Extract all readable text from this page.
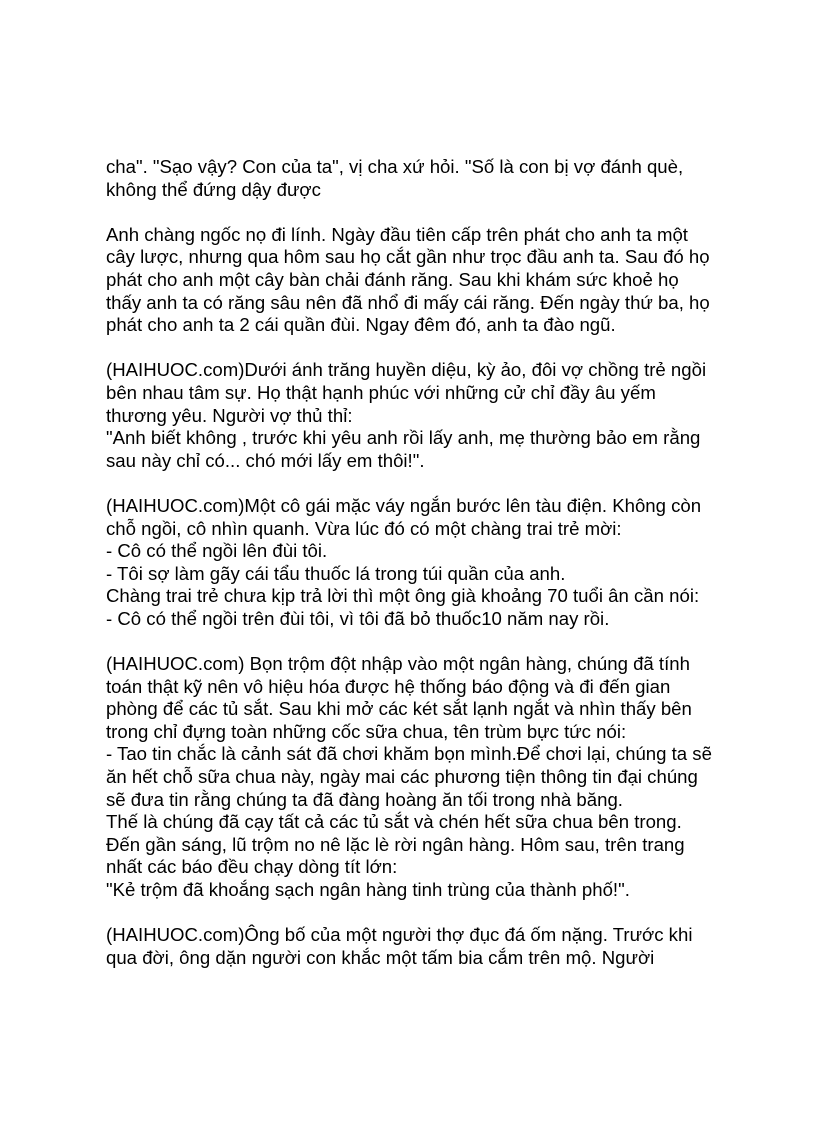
cha". "Sạo vậy? Con của ta", vị cha xứ hỏi. "Số là con bị vợ đánh què,
không thể đứng dậy được

Anh chàng ngốc nọ đi lính. Ngày đầu tiên cấp trên phát cho anh ta một
cây lược, nhưng qua hôm sau họ cắt gần như trọc đầu anh ta. Sau đó họ
phát cho anh một cây bàn chải đánh răng. Sau khi khám sức khoẻ họ
thấy anh ta có răng sâu nên đã nhổ đi mấy cái răng. Đến ngày thứ ba, họ
phát cho anh ta 2 cái quần đùi. Ngay đêm đó, anh ta đào ngũ.

(HAIHUOC.com)Dưới ánh trăng huyền diệu, kỳ ảo, đôi vợ chồng trẻ ngồi
bên nhau tâm sự. Họ thật hạnh phúc với những cử chỉ đầy âu yếm
thương yêu. Người vợ thủ thỉ:
"Anh biết không , trước khi yêu anh rồi lấy anh, mẹ thường bảo em rằng
sau này chỉ có... chó mới lấy em thôi!".

(HAIHUOC.com)Một cô gái mặc váy ngắn bước lên tàu điện. Không còn
chỗ ngồi, cô nhìn quanh. Vừa lúc đó có một chàng trai trẻ mời:
- Cô có thể ngồi lên đùi tôi.
- Tôi sợ làm gãy cái tẩu thuốc lá trong túi quần của anh.
Chàng trai trẻ chưa kịp trả lời thì một ông già khoảng 70 tuổi ân cần nói:
- Cô có thể ngồi trên đùi tôi, vì tôi đã bỏ thuốc10 năm nay rồi.

(HAIHUOC.com) Bọn trộm đột nhập vào một ngân hàng, chúng đã tính
toán thật kỹ nên vô hiệu hóa được hệ thống báo động và đi đến gian
phòng để các tủ sắt. Sau khi mở các két sắt lạnh ngắt và nhìn thấy bên
trong chỉ đựng toàn những cốc sữa chua, tên trùm bực tức nói:
- Tao tin chắc là cảnh sát đã chơi khăm bọn mình.Để chơi lại, chúng ta sẽ
ăn hết chỗ sữa chua này, ngày mai các phương tiện thông tin đại chúng
sẽ đưa tin rằng chúng ta đã đàng hoàng ăn tối trong nhà băng.
Thế là chúng đã cạy tất cả các tủ sắt và chén hết sữa chua bên trong.
Đến gần sáng, lũ trộm no nê lặc lè rời ngân hàng. Hôm sau, trên trang
nhất các báo đều chạy dòng tít lớn:
"Kẻ trộm đã khoắng sạch ngân hàng tinh trùng của thành phố!".

(HAIHUOC.com)Ông bố của một người thợ đục đá ốm nặng. Trước khi
qua đời, ông dặn người con khắc một tấm bia cắm trên mộ. Người
